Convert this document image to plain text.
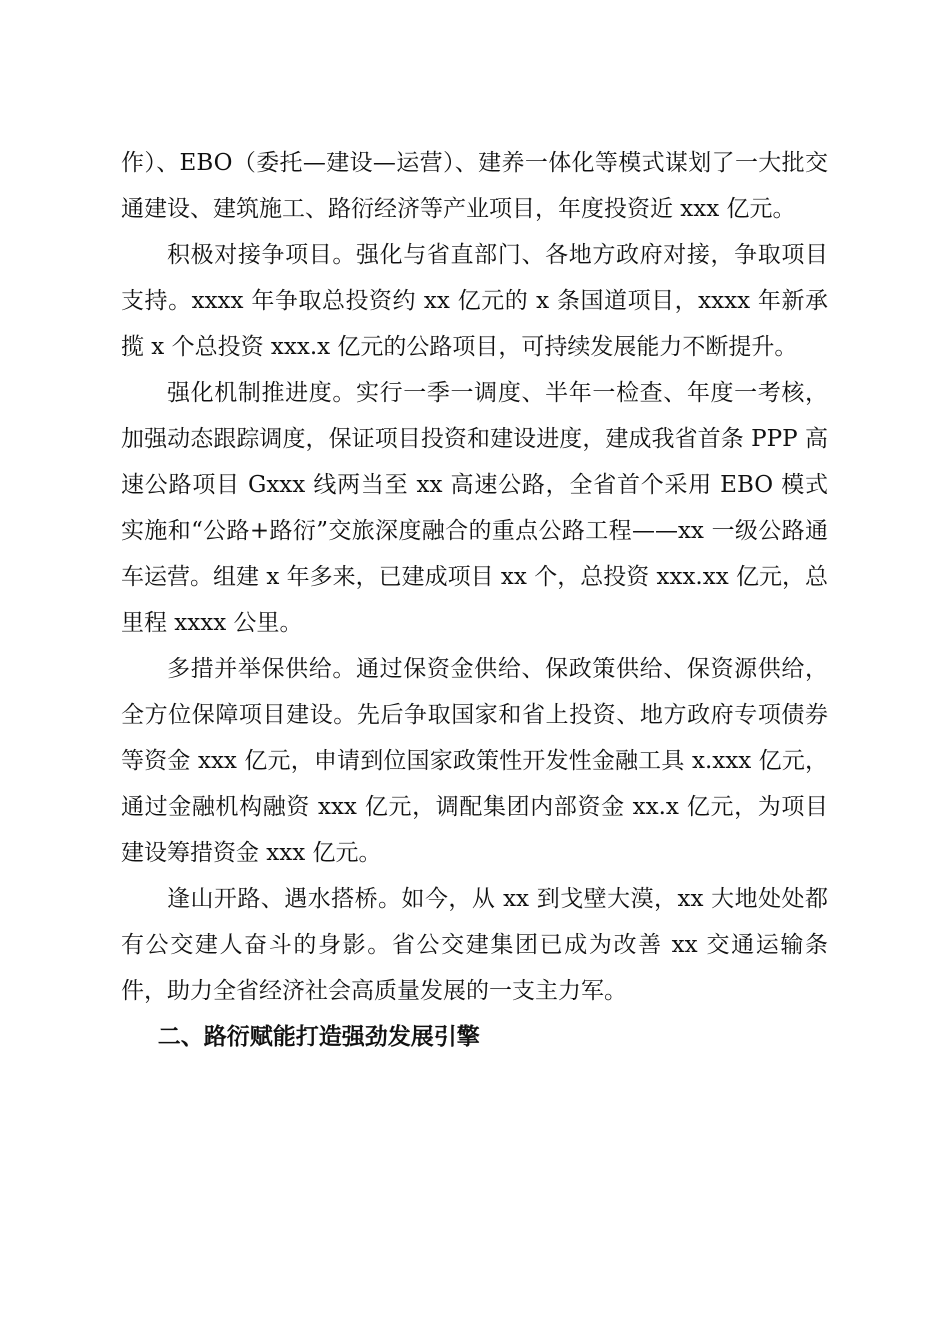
作）、EBO（委托—建设—运营）、建养一体化等模式谋划了一大批交通建设、建筑施工、路衍经济等产业项目，年度投资近 xxx 亿元。

积极对接争项目。强化与省直部门、各地方政府对接，争取项目支持。xxxx 年争取总投资约 xx 亿元的 x 条国道项目，xxxx 年新承揽 x 个总投资 xxx.x 亿元的公路项目，可持续发展能力不断提升。

强化机制推进度。实行一季一调度、半年一检查、年度一考核，加强动态跟踪调度，保证项目投资和建设进度，建成我省首条 PPP 高速公路项目 Gxxx 线两当至 xx 高速公路，全省首个采用 EBO 模式实施和“公路+路衍”交旅深度融合的重点公路工程——xx 一级公路通车运营。组建 x 年多来，已建成项目 xx 个，总投资 xxx.xx 亿元，总里程 xxxx 公里。

多措并举保供给。通过保资金供给、保政策供给、保资源供给，全方位保障项目建设。先后争取国家和省上投资、地方政府专项债券等资金 xxx 亿元，申请到位国家政策性开发性金融工具 x.xxx 亿元，通过金融机构融资 xxx 亿元，调配集团内部资金 xx.x 亿元，为项目建设筹措资金 xxx 亿元。

逢山开路、遇水搭桥。如今，从 xx 到戈壁大漠，xx 大地处处都有公交建人奋斗的身影。省公交建集团已成为改善 xx 交通运输条件，助力全省经济社会高质量发展的一支主力军。

二、路衍赋能打造强劲发展引擎
